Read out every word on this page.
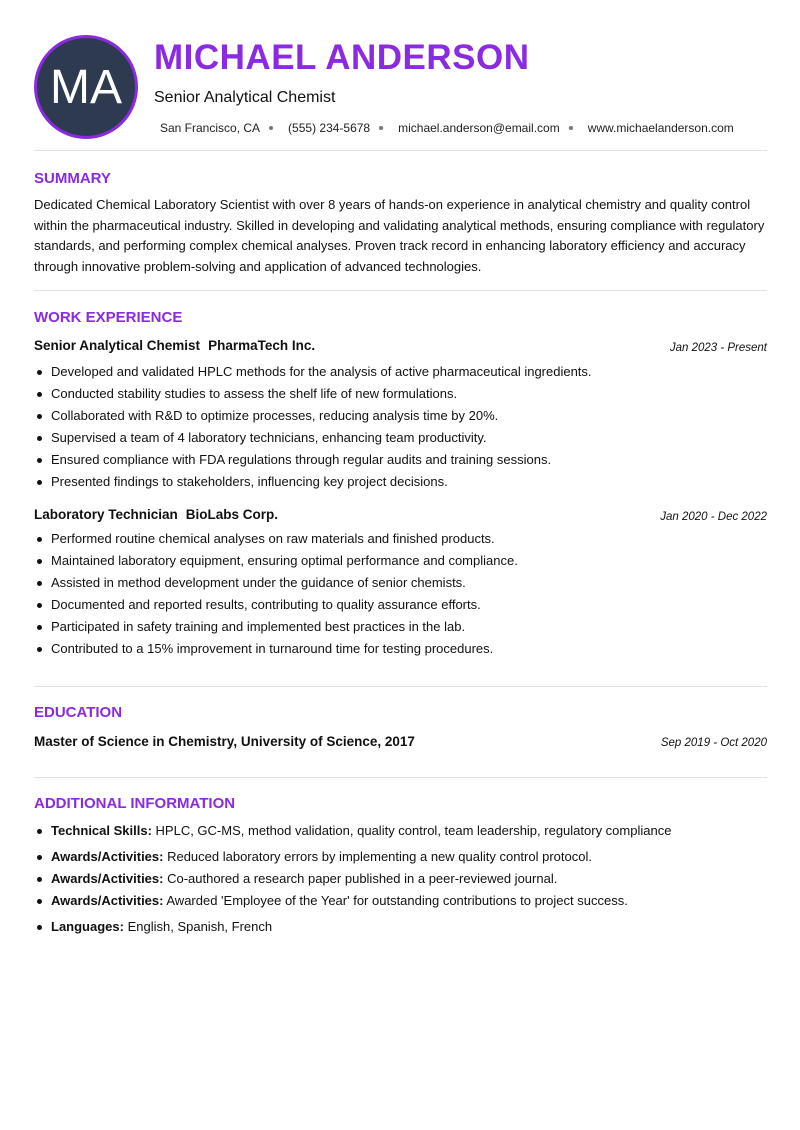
MA
MICHAEL ANDERSON
Senior Analytical Chemist
San Francisco, CA (555) 234-5678 michael.anderson@email.com www.michaelanderson.com
SUMMARY
Dedicated Chemical Laboratory Scientist with over 8 years of hands-on experience in analytical chemistry and quality control within the pharmaceutical industry. Skilled in developing and validating analytical methods, ensuring compliance with regulatory standards, and performing complex chemical analyses. Proven track record in enhancing laboratory efficiency and accuracy through innovative problem-solving and application of advanced technologies.
WORK EXPERIENCE
Senior Analytical Chemist PharmaTech Inc.	Jan 2023 - Present
Developed and validated HPLC methods for the analysis of active pharmaceutical ingredients.
Conducted stability studies to assess the shelf life of new formulations.
Collaborated with R&D to optimize processes, reducing analysis time by 20%.
Supervised a team of 4 laboratory technicians, enhancing team productivity.
Ensured compliance with FDA regulations through regular audits and training sessions.
Presented findings to stakeholders, influencing key project decisions.
Laboratory Technician BioLabs Corp.	Jan 2020 - Dec 2022
Performed routine chemical analyses on raw materials and finished products.
Maintained laboratory equipment, ensuring optimal performance and compliance.
Assisted in method development under the guidance of senior chemists.
Documented and reported results, contributing to quality assurance efforts.
Participated in safety training and implemented best practices in the lab.
Contributed to a 15% improvement in turnaround time for testing procedures.
EDUCATION
Master of Science in Chemistry, University of Science, 2017	Sep 2019 - Oct 2020
ADDITIONAL INFORMATION
Technical Skills: HPLC, GC-MS, method validation, quality control, team leadership, regulatory compliance
Awards/Activities: Reduced laboratory errors by implementing a new quality control protocol.
Awards/Activities: Co-authored a research paper published in a peer-reviewed journal.
Awards/Activities: Awarded 'Employee of the Year' for outstanding contributions to project success.
Languages: English, Spanish, French
